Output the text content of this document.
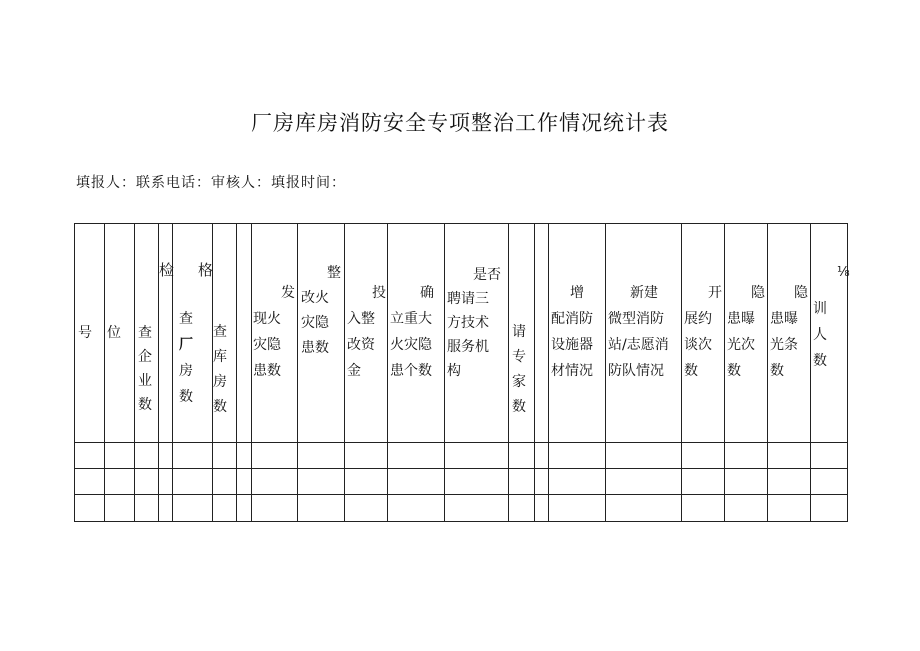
厂房库房消防安全专项整治工作情况统计表
填报人：联系电话：审核人：填报时间：
号 位 查
企
业
数
检
查
厂
房
数
格
查
库
房
数
发
现火
灾隐
患数
整
改火
灾隐
患数
投
入整
改资
金
确
立重大
火灾隐
患个数
是否
聘请三
方技术
服务机
构
请
专
家
数
增
配消防
设施器
材情况
新建
微型消防
站/志愿消
防队情况
开
展约
谈次
数
隐
患曝
光次
数
隐
患曝
光条
数
训
人
数
⅛
